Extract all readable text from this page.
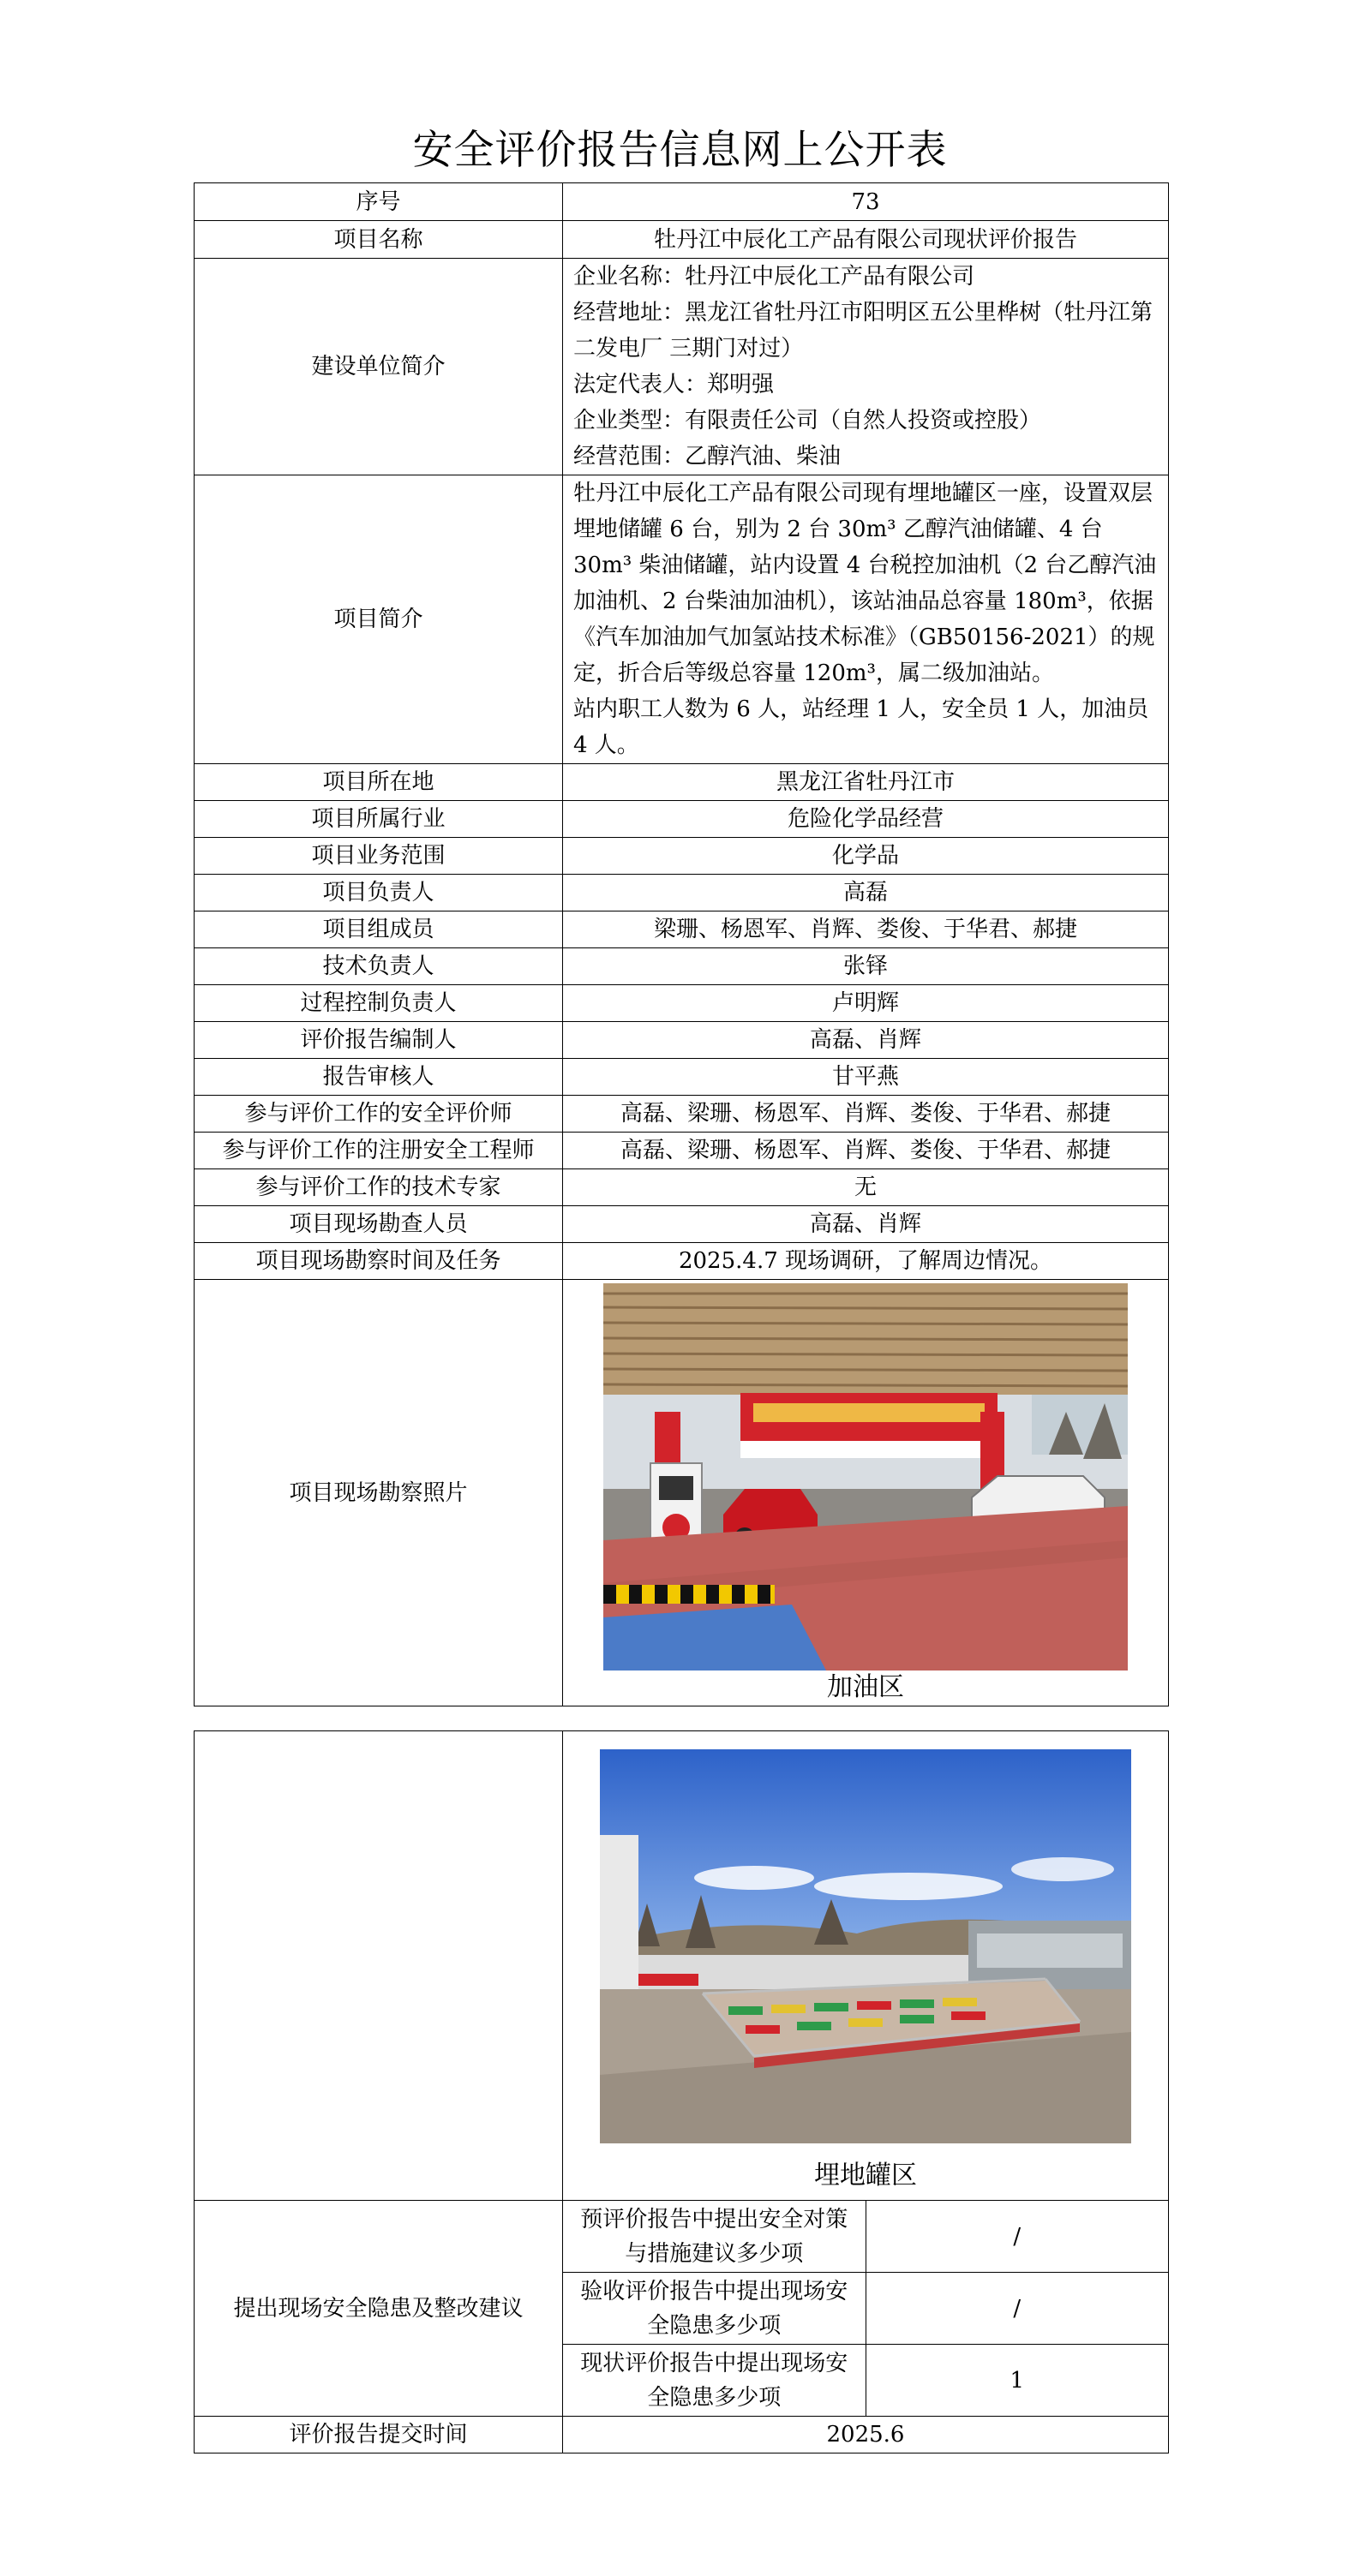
安全评价报告信息网上公开表
序号	73
项目名称	牡丹江中辰化工产品有限公司现状评价报告
建设单位简介	企业名称：牡丹江中辰化工产品有限公司
经营地址：黑龙江省牡丹江市阳明区五公里桦树（牡丹江第二发电厂 三期门对过）
法定代表人：郑明强
企业类型：有限责任公司（自然人投资或控股）
经营范围：乙醇汽油、柴油

项目简介	牡丹江中辰化工产品有限公司现有埋地罐区一座，设置双层埋地储罐 6 台，别为 2 台 30m³ 乙醇汽油储罐、4 台 30m³ 柴油储罐，站内设置 4 台税控加油机（2 台乙醇汽油加油机、2 台柴油加油机），该站油品总容量 180m³，依据《汽车加油加气加氢站技术标准》（GB50156-2021）的规定，折合后等级总容量 120m³，属二级加油站。
站内职工人数为 6 人，站经理 1 人，安全员 1 人，加油员 4 人。

项目所在地	黑龙江省牡丹江市
项目所属行业	危险化学品经营
项目业务范围	化学品
项目负责人	高磊
项目组成员	梁珊、杨恩军、肖辉、娄俊、于华君、郝捷
技术负责人	张铎
过程控制负责人	卢明辉
评价报告编制人	高磊、肖辉
报告审核人	甘平燕
参与评价工作的安全评价师	高磊、梁珊、杨恩军、肖辉、娄俊、于华君、郝捷
参与评价工作的注册安全工程师	高磊、梁珊、杨恩军、肖辉、娄俊、于华君、郝捷
参与评价工作的技术专家	无
项目现场勘查人员	高磊、肖辉
项目现场勘察时间及任务	2025.4.7 现场调研，了解周边情况。
项目现场勘察照片	加油区

	埋地罐区	

提出现场安全隐患及整改建议	预评价报告中提出安全对策与措施建议多少项	/
	验收评价报告中提出现场安全隐患多少项	/
	现状评价报告中提出现场安全隐患多少项	1
评价报告提交时间	2025.6	
